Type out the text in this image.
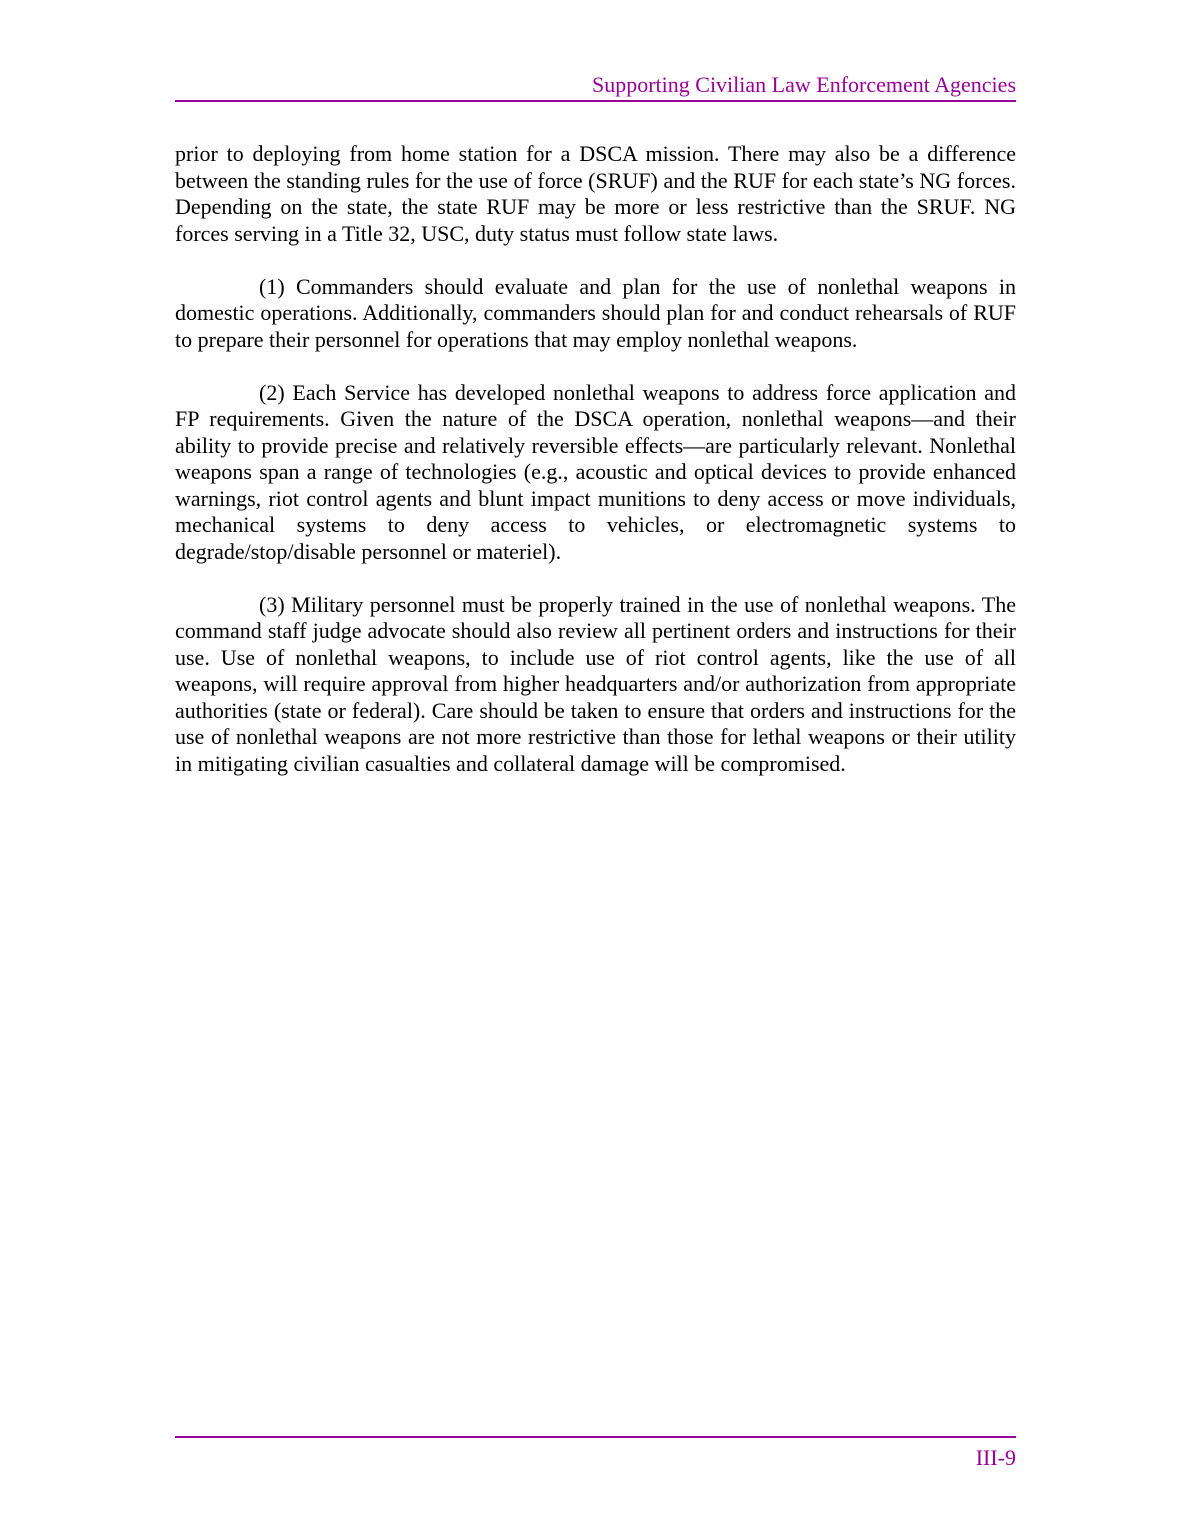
Supporting Civilian Law Enforcement Agencies

prior to deploying from home station for a DSCA mission. There may also be a difference between the standing rules for the use of force (SRUF) and the RUF for each state’s NG forces. Depending on the state, the state RUF may be more or less restrictive than the SRUF. NG forces serving in a Title 32, USC, duty status must follow state laws.

(1) Commanders should evaluate and plan for the use of nonlethal weapons in domestic operations. Additionally, commanders should plan for and conduct rehearsals of RUF to prepare their personnel for operations that may employ nonlethal weapons.

(2) Each Service has developed nonlethal weapons to address force application and FP requirements. Given the nature of the DSCA operation, nonlethal weapons—and their ability to provide precise and relatively reversible effects—are particularly relevant. Nonlethal weapons span a range of technologies (e.g., acoustic and optical devices to provide enhanced warnings, riot control agents and blunt impact munitions to deny access or move individuals, mechanical systems to deny access to vehicles, or electromagnetic systems to degrade/stop/disable personnel or materiel).

(3) Military personnel must be properly trained in the use of nonlethal weapons. The command staff judge advocate should also review all pertinent orders and instructions for their use. Use of nonlethal weapons, to include use of riot control agents, like the use of all weapons, will require approval from higher headquarters and/or authorization from appropriate authorities (state or federal). Care should be taken to ensure that orders and instructions for the use of nonlethal weapons are not more restrictive than those for lethal weapons or their utility in mitigating civilian casualties and collateral damage will be compromised.

III-9
